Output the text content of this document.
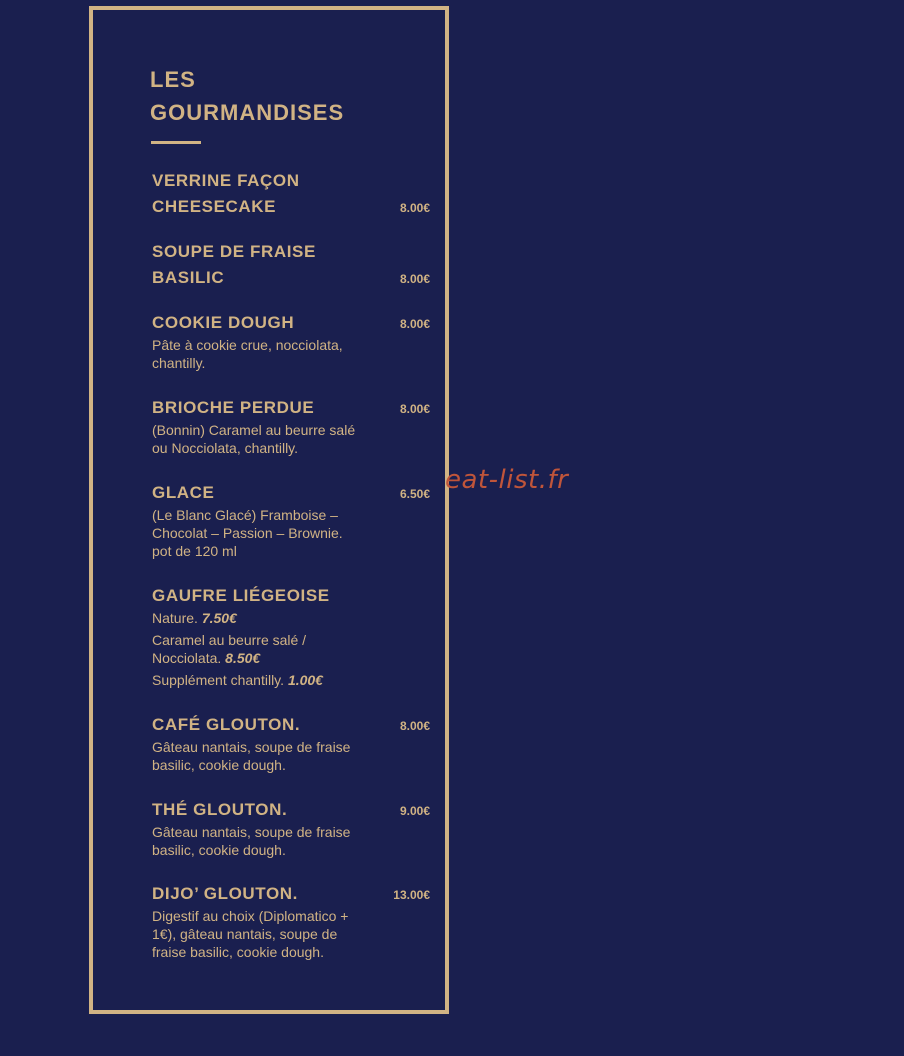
LES
GOURMANDISES
VERRINE FAÇON
CHEESECAKE	8.00€
SOUPE DE FRAISE
BASILIC	8.00€
COOKIE DOUGH	8.00€
Pâte à cookie crue, nocciolata,
chantilly.
BRIOCHE PERDUE	8.00€
(Bonnin) Caramel au beurre salé
ou Nocciolata, chantilly.
GLACE	6.50€
(Le Blanc Glacé) Framboise –
Chocolat – Passion – Brownie.
pot de 120 ml
GAUFRE LIÉGEOISE
Nature. 7.50€
Caramel au beurre salé /
Nocciolata. 8.50€
Supplément chantilly. 1.00€
CAFÉ GLOUTON.	8.00€
Gâteau nantais, soupe de fraise
basilic, cookie dough.
THÉ GLOUTON.	9.00€
Gâteau nantais, soupe de fraise
basilic, cookie dough.
DIJO’ GLOUTON.	13.00€
Digestif au choix (Diplomatico +
1€), gâteau nantais, soupe de
fraise basilic, cookie dough.
eat-list.fr
